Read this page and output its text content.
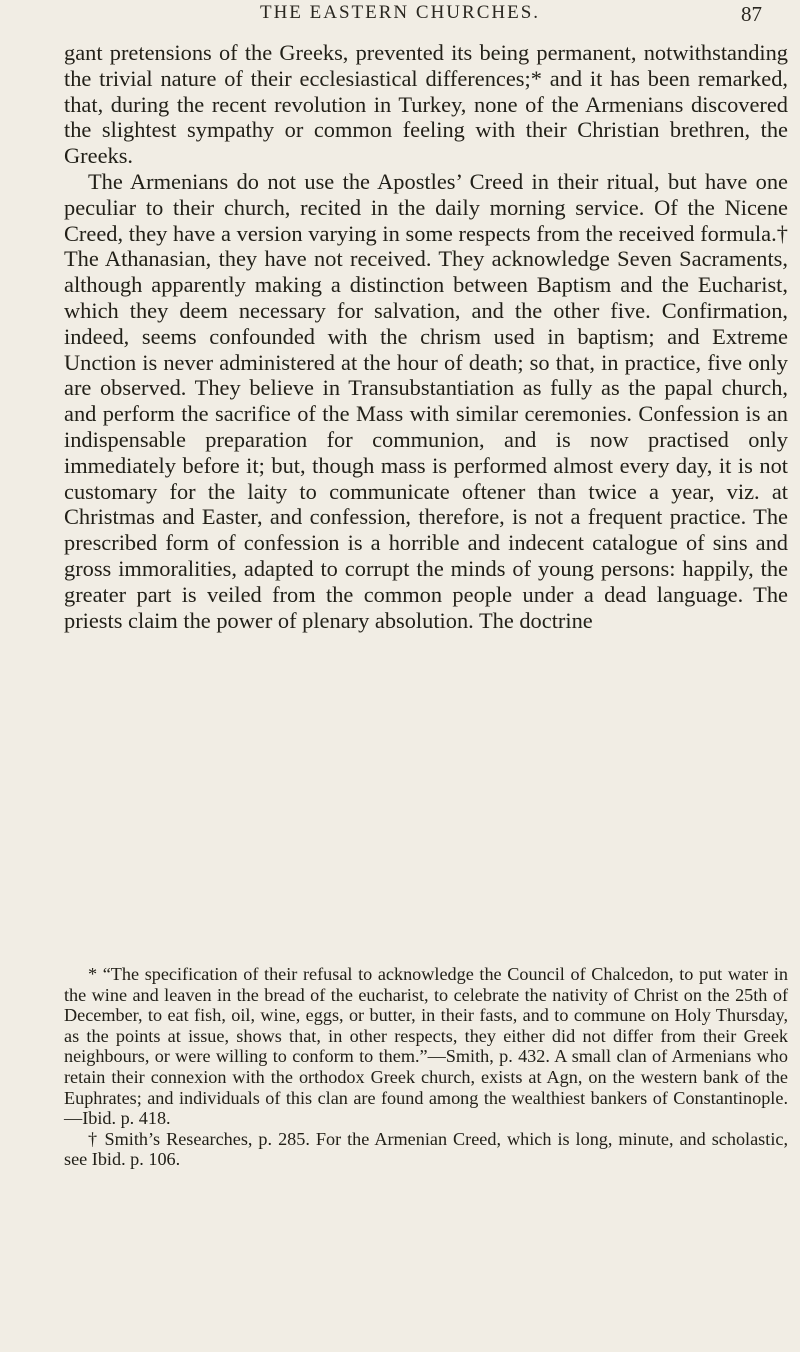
THE EASTERN CHURCHES.	87

gant pretensions of the Greeks, prevented its being permanent, notwithstanding the trivial nature of their ecclesiastical differences;* and it has been remarked, that, during the recent revolution in Turkey, none of the Armenians discovered the slightest sympathy or common feeling with their Christian brethren, the Greeks.

The Armenians do not use the Apostles’ Creed in their ritual, but have one peculiar to their church, recited in the daily morning service. Of the Nicene Creed, they have a version varying in some respects from the received formula.† The Athanasian, they have not received. They acknowledge Seven Sacraments, although apparently making a distinction between Baptism and the Eucharist, which they deem necessary for salvation, and the other five. Confirmation, indeed, seems confounded with the chrism used in baptism; and Extreme Unction is never administered at the hour of death; so that, in practice, five only are observed. They believe in Transubstantiation as fully as the papal church, and perform the sacrifice of the Mass with similar ceremonies. Confession is an indispensable preparation for communion, and is now practised only immediately before it; but, though mass is performed almost every day, it is not customary for the laity to communicate oftener than twice a year, viz. at Christmas and Easter, and confession, therefore, is not a frequent practice. The prescribed form of confession is a horrible and indecent catalogue of sins and gross immoralities, adapted to corrupt the minds of young persons: happily, the greater part is veiled from the common people under a dead language. The priests claim the power of plenary absolution. The doctrine

* “The specification of their refusal to acknowledge the Council of Chalcedon, to put water in the wine and leaven in the bread of the eucharist, to celebrate the nativity of Christ on the 25th of December, to eat fish, oil, wine, eggs, or butter, in their fasts, and to commune on Holy Thursday, as the points at issue, shows that, in other respects, they either did not differ from their Greek neighbours, or were willing to conform to them.”—Smith, p. 432. A small clan of Armenians who retain their connexion with the orthodox Greek church, exists at Agn, on the western bank of the Euphrates; and individuals of this clan are found among the wealthiest bankers of Constantinople.—Ibid. p. 418.

† Smith’s Researches, p. 285. For the Armenian Creed, which is long, minute, and scholastic, see Ibid. p. 106.
